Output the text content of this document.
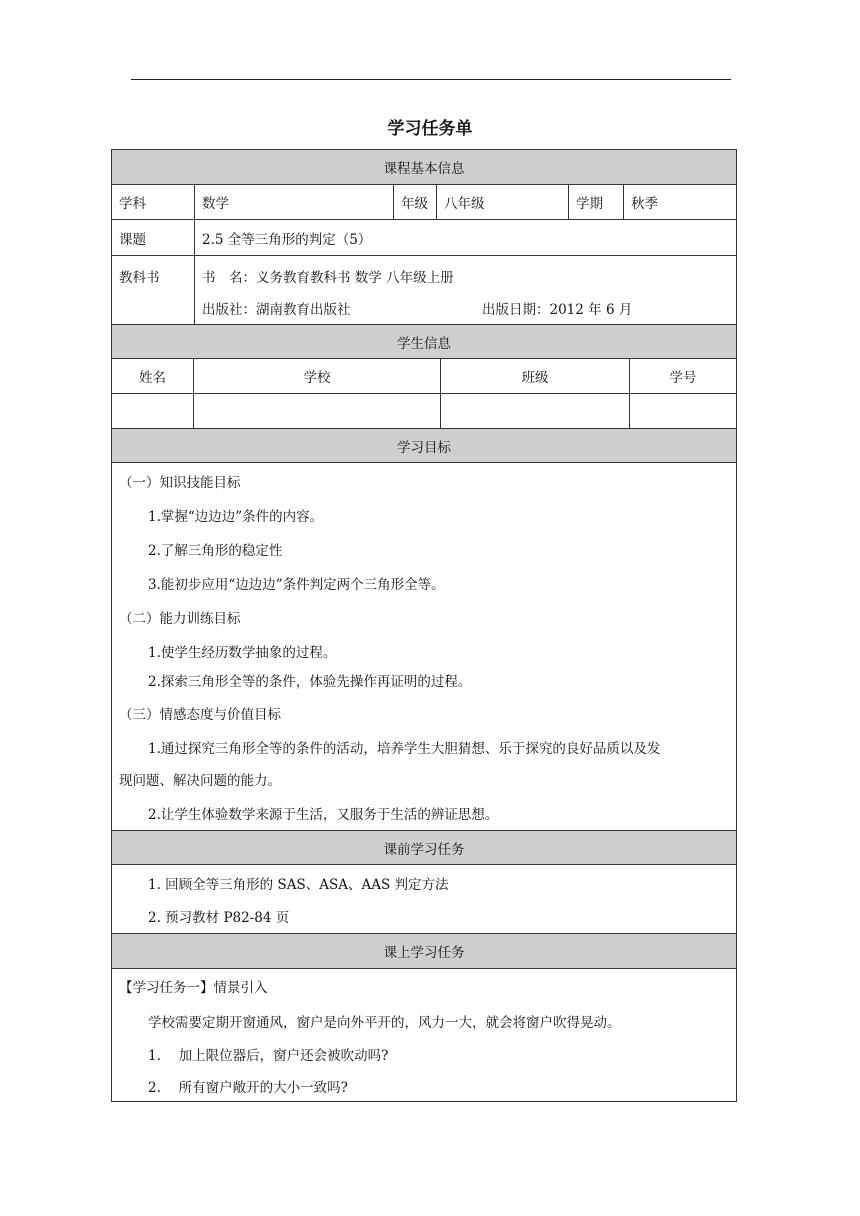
学习任务单
课程基本信息
学科	数学	年级 八年级	学期 秋季
课题	2.5 全等三角形的判定（5）
教科书	书　名：义务教育教科书 数学 八年级上册
出版社：湖南教育出版社	出版日期：2012 年 6 月
学生信息
姓名	学校	班级	学号
学习目标
（一）知识技能目标
1.掌握“边边边”条件的内容。
2.了解三角形的稳定性
3.能初步应用“边边边”条件判定两个三角形全等。
（二）能力训练目标
1.使学生经历数学抽象的过程。
2.探索三角形全等的条件，体验先操作再证明的过程。
（三）情感态度与价值目标
1.通过探究三角形全等的条件的活动，培养学生大胆猜想、乐于探究的良好品质以及发
现问题、解决问题的能力。
2.让学生体验数学来源于生活，又服务于生活的辨证思想。
课前学习任务
1. 回顾全等三角形的 SAS、ASA、AAS 判定方法
2. 预习教材 P82-84 页
课上学习任务
【学习任务一】情景引入
学校需要定期开窗通风，窗户是向外平开的，风力一大，就会将窗户吹得晃动。
1.　 加上限位器后，窗户还会被吹动吗?
2.　 所有窗户敞开的大小一致吗?
